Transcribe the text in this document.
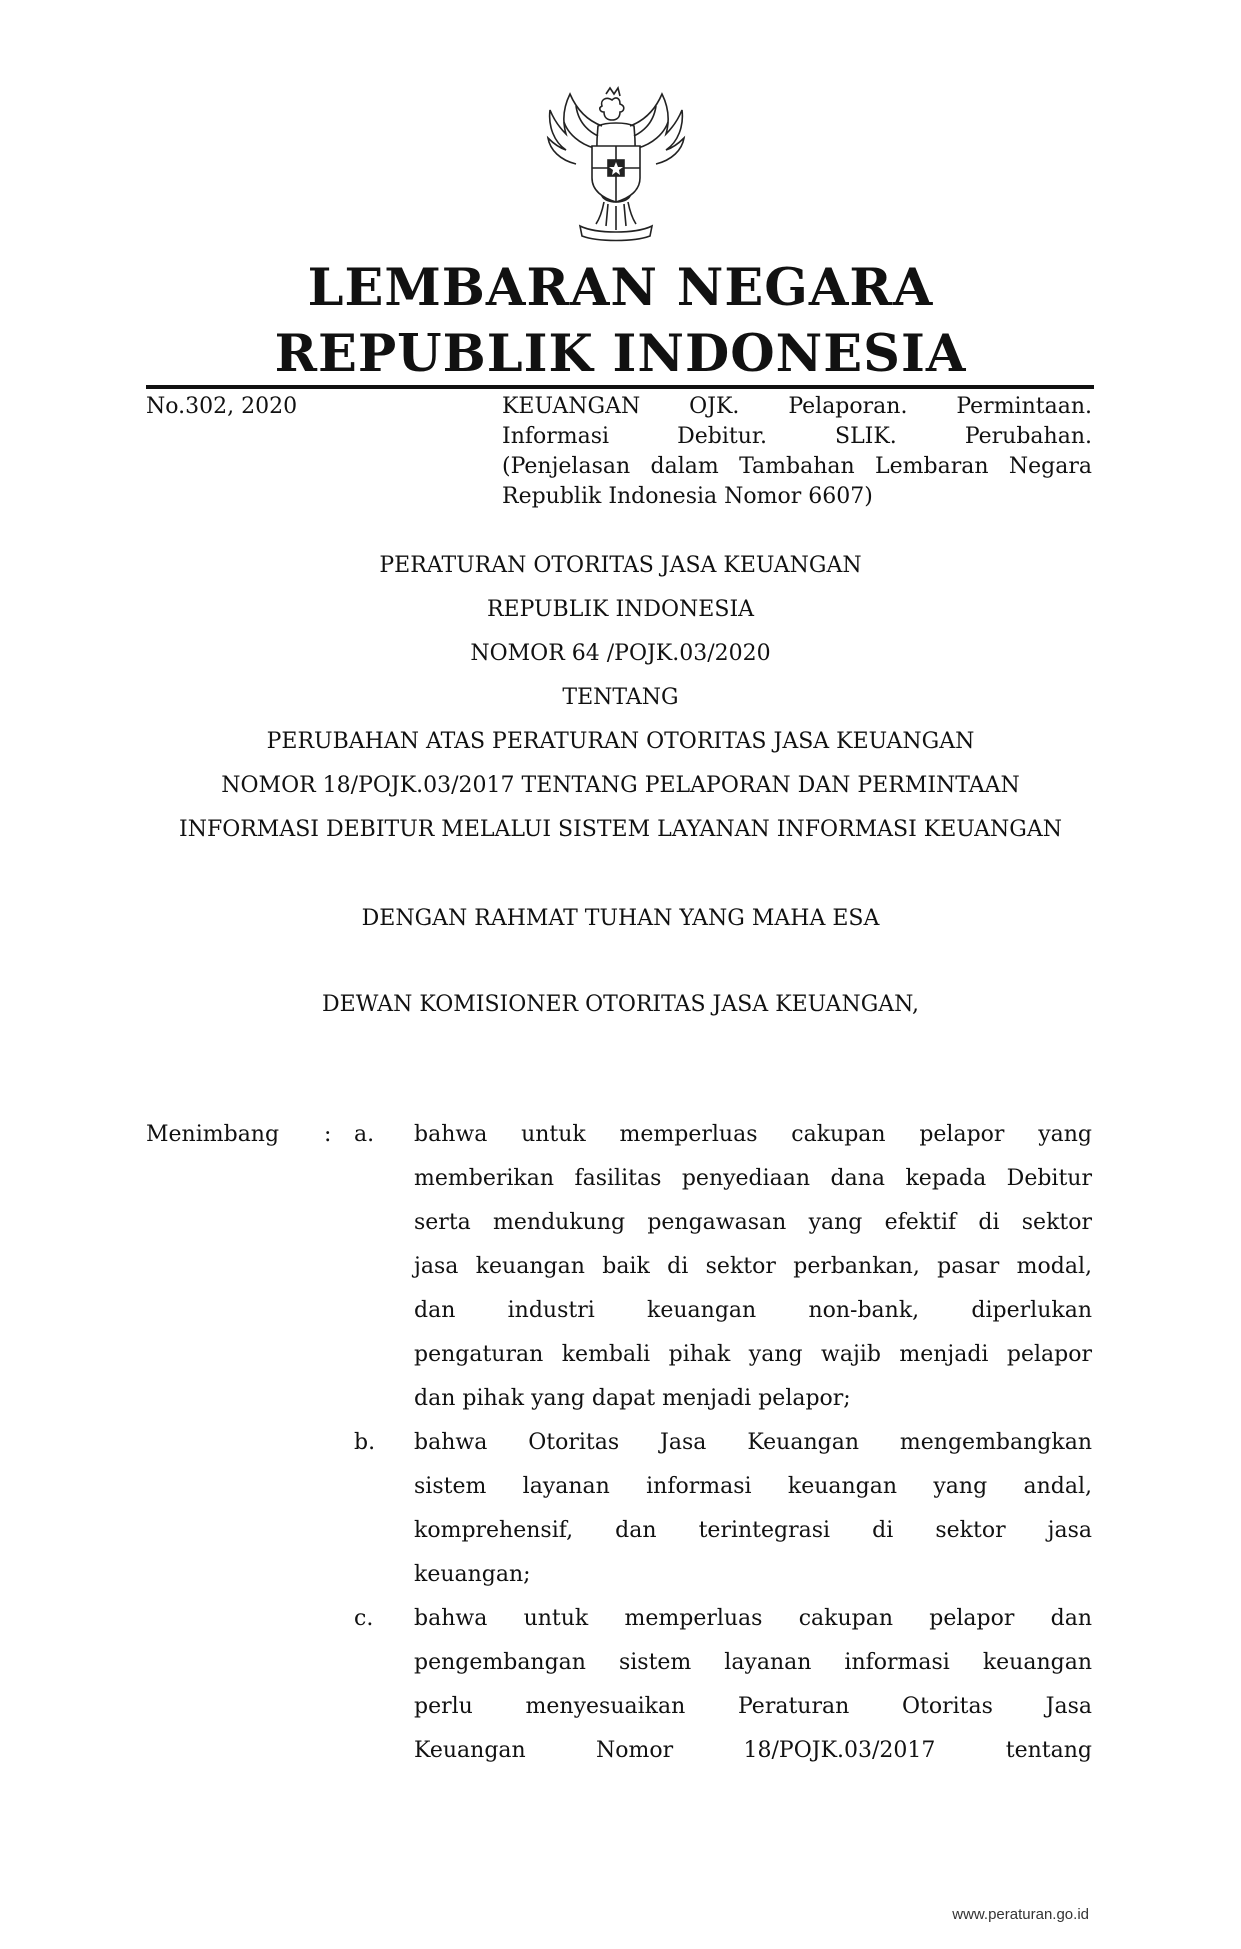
LEMBARAN NEGARA
REPUBLIK INDONESIA
No.302, 2020	KEUANGAN OJK. Pelaporan. Permintaan.
Informasi Debitur. SLIK. Perubahan.
(Penjelasan dalam Tambahan Lembaran Negara
Republik Indonesia Nomor 6607)
PERATURAN OTORITAS JASA KEUANGAN
REPUBLIK INDONESIA
NOMOR 64 /POJK.03/2020
TENTANG
PERUBAHAN ATAS PERATURAN OTORITAS JASA KEUANGAN
NOMOR 18/POJK.03/2017 TENTANG PELAPORAN DAN PERMINTAAN
INFORMASI DEBITUR MELALUI SISTEM LAYANAN INFORMASI KEUANGAN
DENGAN RAHMAT TUHAN YANG MAHA ESA
DEWAN KOMISIONER OTORITAS JASA KEUANGAN,
Menimbang : a. bahwa untuk memperluas cakupan pelapor yang
memberikan fasilitas penyediaan dana kepada Debitur
serta mendukung pengawasan yang efektif di sektor
jasa keuangan baik di sektor perbankan, pasar modal,
dan industri keuangan non-bank, diperlukan
pengaturan kembali pihak yang wajib menjadi pelapor
dan pihak yang dapat menjadi pelapor;
b. bahwa Otoritas Jasa Keuangan mengembangkan
sistem layanan informasi keuangan yang andal,
komprehensif, dan terintegrasi di sektor jasa
keuangan;
c. bahwa untuk memperluas cakupan pelapor dan
pengembangan sistem layanan informasi keuangan
perlu menyesuaikan Peraturan Otoritas Jasa
Keuangan Nomor 18/POJK.03/2017 tentang
www.peraturan.go.id
